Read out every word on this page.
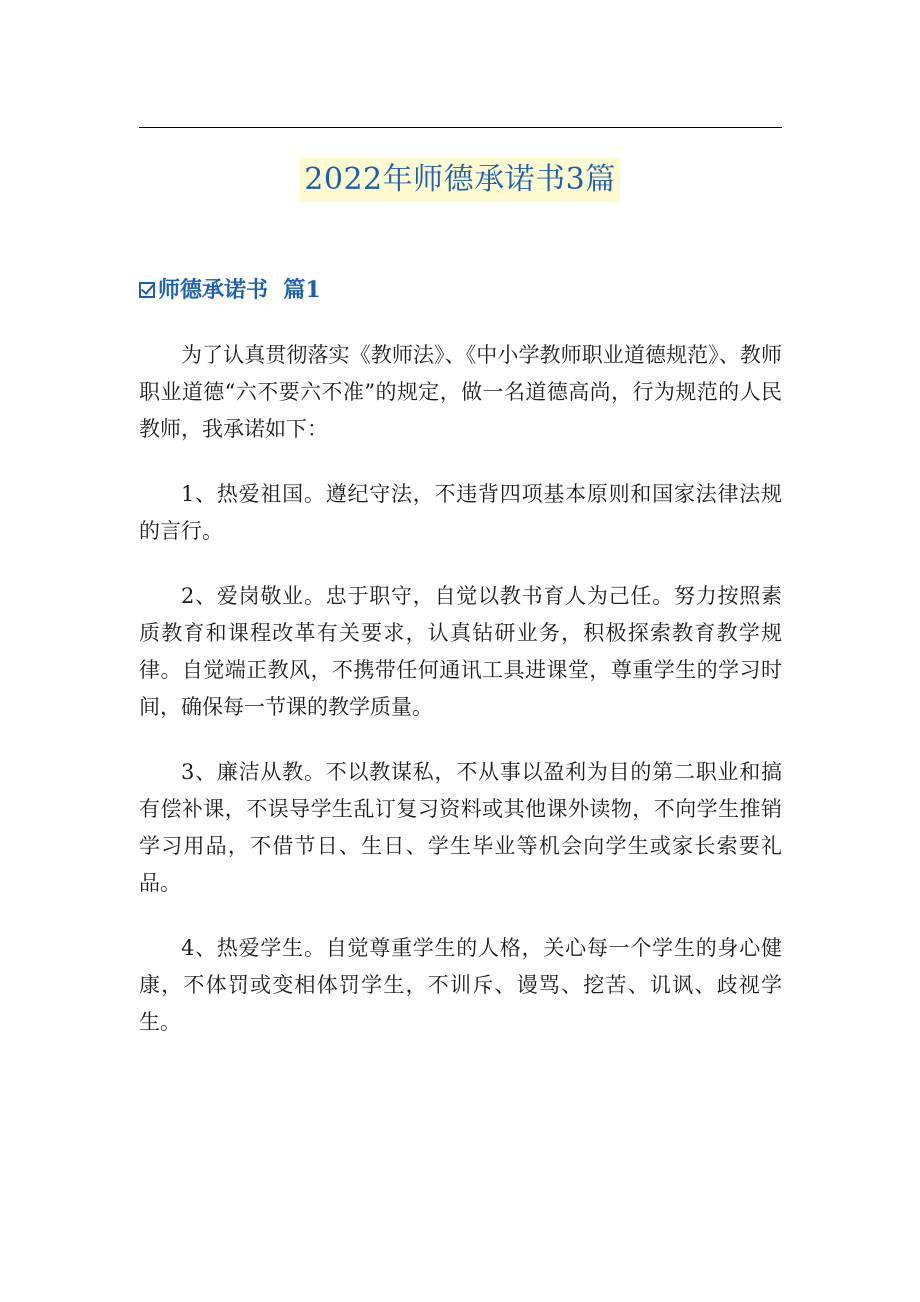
2022年师德承诺书3篇
师德承诺书  篇1

为了认真贯彻落实《教师法》、《中小学教师职业道德规范》、教师职业道德“六不要六不准”的规定，做一名道德高尚，行为规范的人民教师，我承诺如下：

1、热爱祖国。遵纪守法，不违背四项基本原则和国家法律法规的言行。

2、爱岗敬业。忠于职守，自觉以教书育人为己任。努力按照素质教育和课程改革有关要求，认真钻研业务，积极探索教育教学规律。自觉端正教风，不携带任何通讯工具进课堂，尊重学生的学习时间，确保每一节课的教学质量。

3、廉洁从教。不以教谋私，不从事以盈利为目的第二职业和搞有偿补课，不误导学生乱订复习资料或其他课外读物，不向学生推销学习用品，不借节日、生日、学生毕业等机会向学生或家长索要礼品。

4、热爱学生。自觉尊重学生的人格，关心每一个学生的身心健康，不体罚或变相体罚学生，不训斥、谩骂、挖苦、讥讽、歧视学生。
